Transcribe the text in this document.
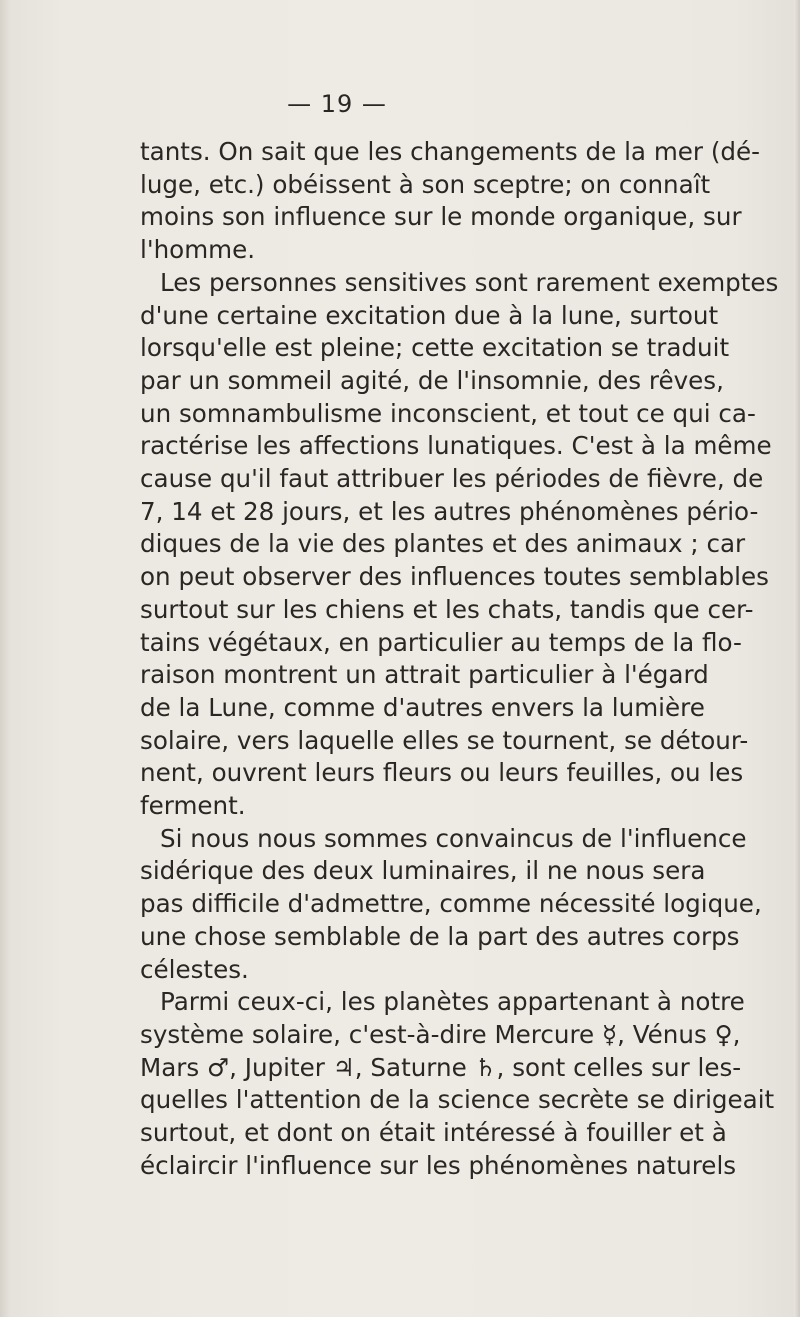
— 19 —
tants. On sait que les changements de la mer (dé-
luge, etc.) obéissent à son sceptre; on connaît
moins son influence sur le monde organique, sur
l'homme.
Les personnes sensitives sont rarement exemptes
d'une certaine excitation due à la lune, surtout
lorsqu'elle est pleine; cette excitation se traduit
par un sommeil agité, de l'insomnie, des rêves,
un somnambulisme inconscient, et tout ce qui ca-
ractérise les affections lunatiques. C'est à la même
cause qu'il faut attribuer les périodes de fièvre, de
7, 14 et 28 jours, et les autres phénomènes pério-
diques de la vie des plantes et des animaux ; car
on peut observer des influences toutes semblables
surtout sur les chiens et les chats, tandis que cer-
tains végétaux, en particulier au temps de la flo-
raison montrent un attrait particulier à l'égard
de la Lune, comme d'autres envers la lumière
solaire, vers laquelle elles se tournent, se détour-
nent, ouvrent leurs fleurs ou leurs feuilles, ou les
ferment.
Si nous nous sommes convaincus de l'influence
sidérique des deux luminaires, il ne nous sera
pas difficile d'admettre, comme nécessité logique,
une chose semblable de la part des autres corps
célestes.
Parmi ceux-ci, les planètes appartenant à notre
système solaire, c'est-à-dire Mercure ☿, Vénus ♀,
Mars ♂, Jupiter ♃, Saturne ♄, sont celles sur les-
quelles l'attention de la science secrète se dirigeait
surtout, et dont on était intéressé à fouiller et à
éclaircir l'influence sur les phénomènes naturels
